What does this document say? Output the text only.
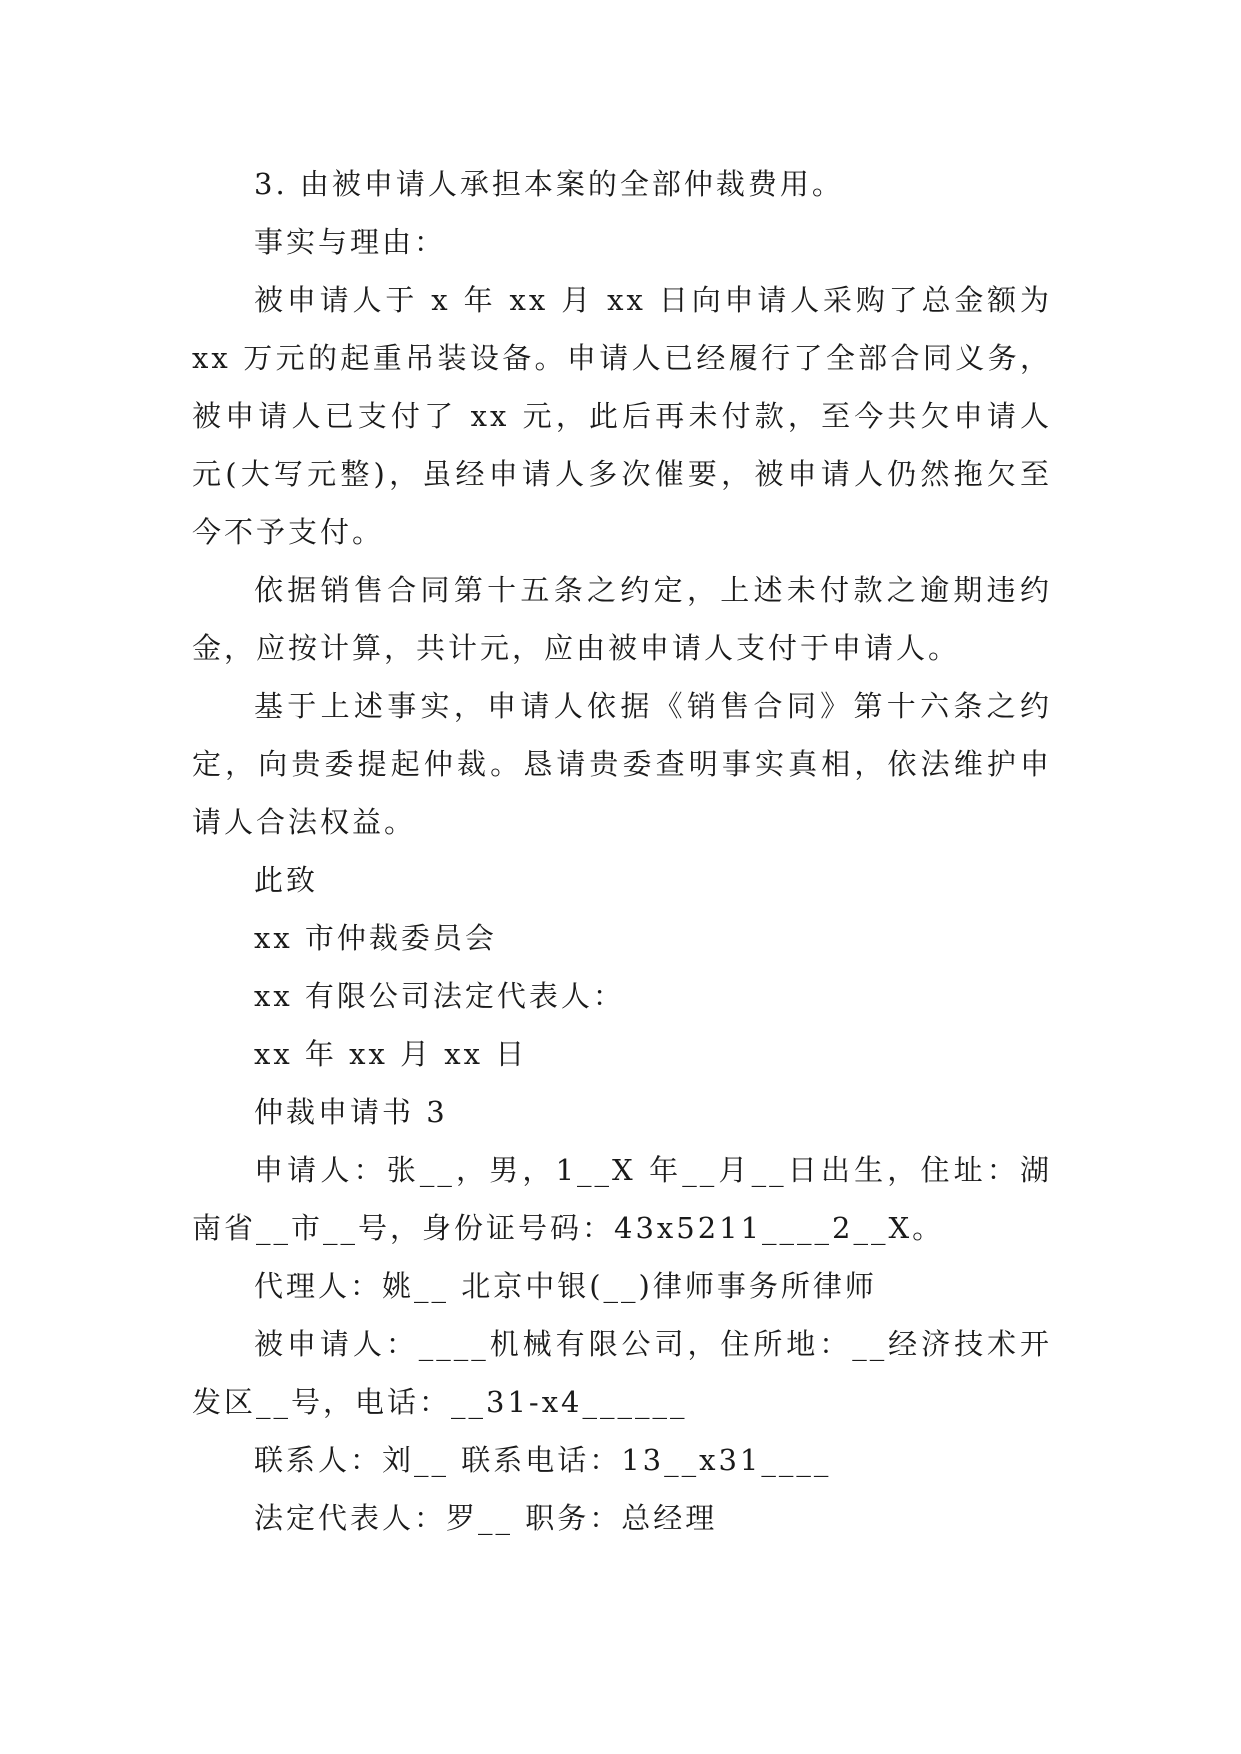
3. 由被申请人承担本案的全部仲裁费用。

事实与理由：

被申请人于 x 年 xx 月 xx 日向申请人采购了总金额为 xx 万元的起重吊装设备。申请人已经履行了全部合同义务，被申请人已支付了 xx 元，此后再未付款，至今共欠申请人元(大写元整)，虽经申请人多次催要，被申请人仍然拖欠至今不予支付。

依据销售合同第十五条之约定，上述未付款之逾期违约金，应按计算，共计元，应由被申请人支付于申请人。

基于上述事实，申请人依据《销售合同》第十六条之约定，向贵委提起仲裁。恳请贵委查明事实真相，依法维护申请人合法权益。

此致

xx 市仲裁委员会

xx 有限公司法定代表人：

xx 年 xx 月 xx 日

仲裁申请书 3

申请人：张__，男，1__X 年__月__日出生，住址：湖南省__市__号，身份证号码：43x5211____2__X。

代理人：姚__ 北京中银(__)律师事务所律师

被申请人：____机械有限公司，住所地：__经济技术开发区__号，电话：__31-x4______

联系人：刘__ 联系电话：13__x31____

法定代表人：罗__ 职务：总经理
